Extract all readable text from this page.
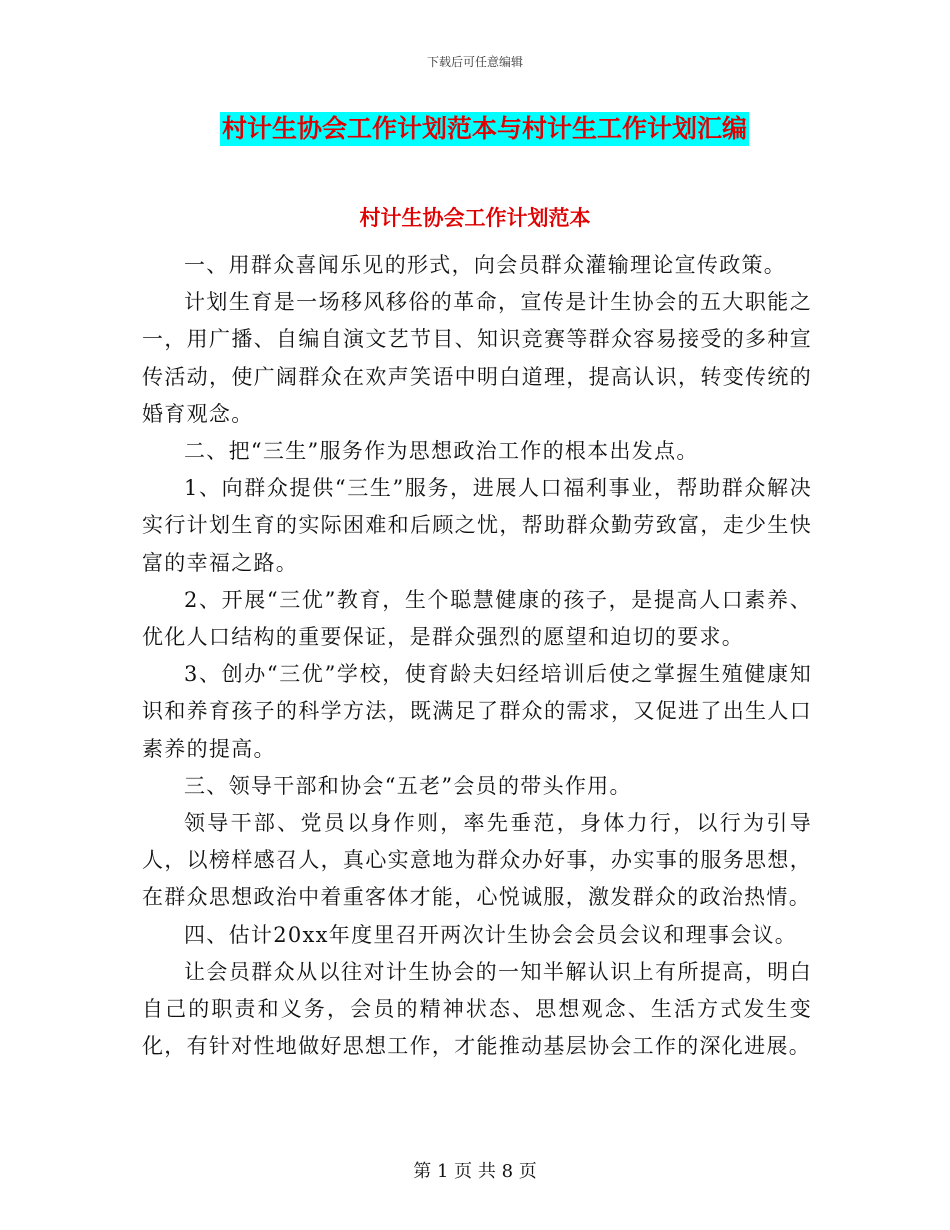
下载后可任意编辑
村计生协会工作计划范本与村计生工作计划汇编
村计生协会工作计划范本

一、用群众喜闻乐见的形式，向会员群众灌输理论宣传政策。

计划生育是一场移风移俗的革命，宣传是计生协会的五大职能之一，用广播、自编自演文艺节目、知识竞赛等群众容易接受的多种宣传活动，使广阔群众在欢声笑语中明白道理，提高认识，转变传统的婚育观念。

二、把“三生”服务作为思想政治工作的根本出发点。

1、向群众提供“三生”服务，进展人口福利事业，帮助群众解决实行计划生育的实际困难和后顾之忧，帮助群众勤劳致富，走少生快富的幸福之路。

2、开展“三优”教育，生个聪慧健康的孩子，是提高人口素养、优化人口结构的重要保证，是群众强烈的愿望和迫切的要求。

3、创办“三优”学校，使育龄夫妇经培训后使之掌握生殖健康知识和养育孩子的科学方法，既满足了群众的需求，又促进了出生人口素养的提高。

三、领导干部和协会“五老”会员的带头作用。

领导干部、党员以身作则，率先垂范，身体力行，以行为引导人，以榜样感召人，真心实意地为群众办好事，办实事的服务思想，在群众思想政治中着重客体才能，心悦诚服，激发群众的政治热情。

四、估计20xx年度里召开两次计生协会会员会议和理事会议。

让会员群众从以往对计生协会的一知半解认识上有所提高，明白自己的职责和义务，会员的精神状态、思想观念、生活方式发生变化，有针对性地做好思想工作，才能推动基层协会工作的深化进展。

第 1 页 共 8 页
